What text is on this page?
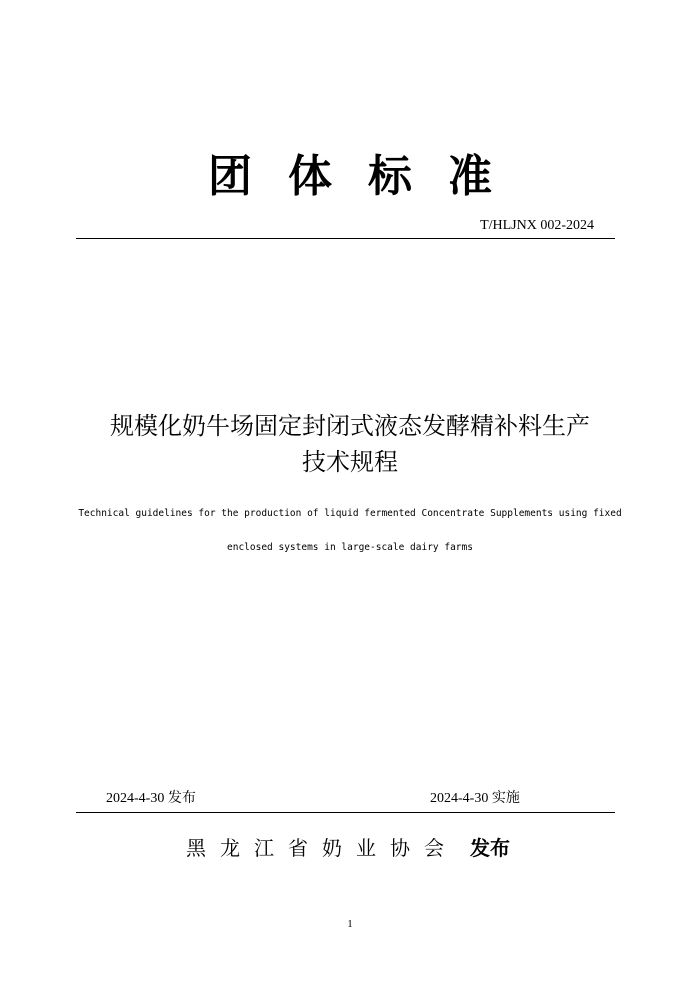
团体标准
T/HLJNX 002-2024
规模化奶牛场固定封闭式液态发酵精补料生产
技术规程
Technical guidelines for the production of liquid fermented Concentrate Supplements using fixed
enclosed systems in large-scale dairy farms
2024-4-30 发布	2024-4-30 实施
黑龙江省奶业协会 发布
1
